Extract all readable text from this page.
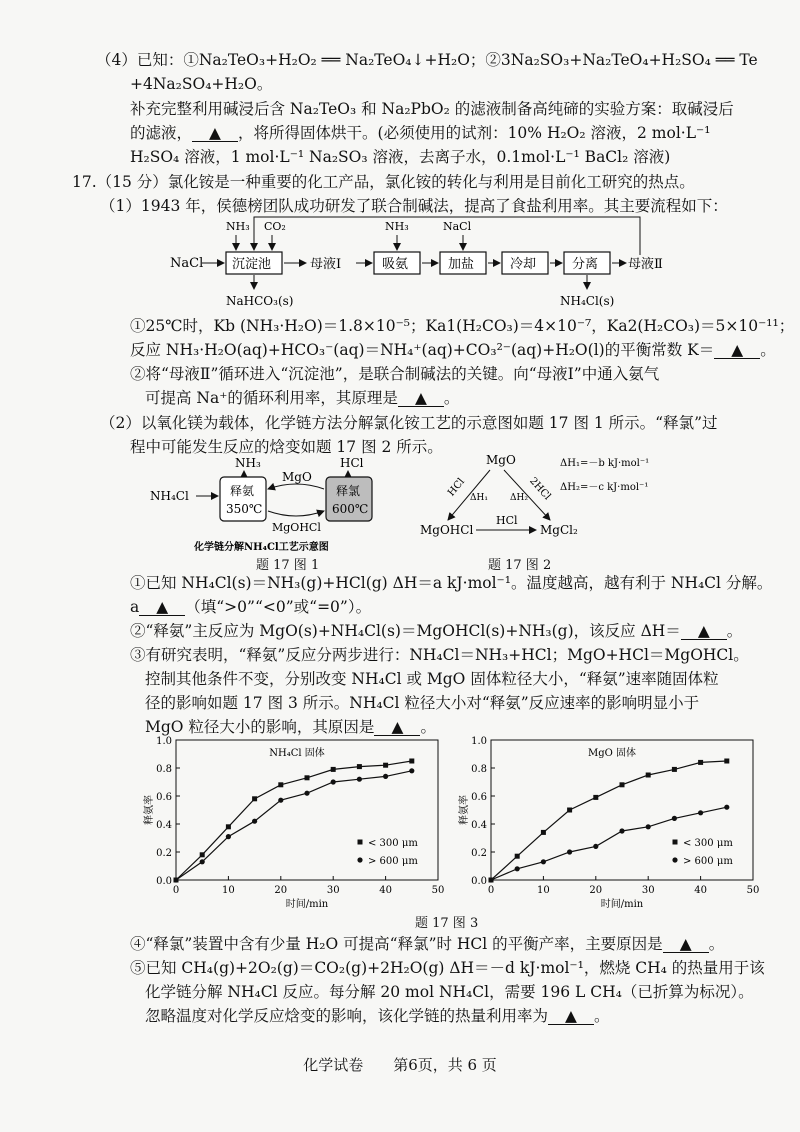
（4）已知：①Na₂TeO₃+H₂O₂ ══ Na₂TeO₄↓+H₂O；②3Na₂SO₃+Na₂TeO₄+H₂SO₄ ══ Te
+4Na₂SO₄+H₂O。
补充完整利用碱浸后含 Na₂TeO₃ 和 Na₂PbO₂ 的滤液制备高纯碲的实验方案：取碱浸后
的滤液， ▲ ，将所得固体烘干。(必须使用的试剂：10% H₂O₂ 溶液，2 mol·L⁻¹
H₂SO₄ 溶液，1 mol·L⁻¹ Na₂SO₃ 溶液，去离子水，0.1mol·L⁻¹ BaCl₂ 溶液)
17.（15 分）氯化铵是一种重要的化工产品，氯化铵的转化与利用是目前化工研究的热点。
（1）1943 年，侯德榜团队成功研发了联合制碱法，提高了食盐利用率。其主要流程如下：
NaCl 沉淀池
NH₃ CO₂
NaHCO₃(s)
母液Ⅰ	吸氨
NH₃
加盐
NaCl
冷却	分离
NH₄Cl(s)
母液Ⅱ
①25℃时，Kb (NH₃·H₂O)＝1.8×10⁻⁵；Ka1(H₂CO₃)＝4×10⁻⁷，Ka2(H₂CO₃)＝5×10⁻¹¹；
反应 NH₃·H₂O(aq)+HCO₃⁻(aq)＝NH₄⁺(aq)+CO₃²⁻(aq)+H₂O(l)的平衡常数 K＝ ▲ 。
②将“母液Ⅱ”循环进入“沉淀池”，是联合制碱法的关键。向“母液Ⅰ”中通入氨气
可提高 Na⁺的循环利用率，其原理是 ▲ 。
（2）以氧化镁为载体，化学链方法分解氯化铵工艺的示意图如题 17 图 1 所示。“释氯”过
程中可能发生反应的焓变如题 17 图 2 所示。
NH₃	HCl
NH₄Cl	释氨
350℃
释氯
600℃
MgO
MgOHCl
化学链分解NH₄Cl工艺示意图
题 17 图 1
MgO
MgOHCl	MgCl₂
HCl ΔH₁	2HCl
ΔH₂
HCl
ΔH₁=－b kJ·mol⁻¹
ΔH₂=－c kJ·mol⁻¹
题 17 图 2
①已知 NH₄Cl(s)＝NH₃(g)+HCl(g) ΔH＝a kJ·mol⁻¹。温度越高，越有利于 NH₄Cl 分解。
a ▲ （填“>0”“<0”或“=0”）。
②“释氨”主反应为 MgO(s)+NH₄Cl(s)＝MgOHCl(s)+NH₃(g)，该反应 ΔH＝ ▲ 。
③有研究表明，“释氨”反应分两步进行：NH₄Cl＝NH₃+HCl；MgO+HCl＝MgOHCl。
控制其他条件不变，分别改变 NH₄Cl 或 MgO 固体粒径大小，“释氨”速率随固体粒
径的影响如题 17 图 3 所示。NH₄Cl 粒径大小对“释氨”反应速率的影响明显小于
MgO 粒径大小的影响，其原因是 ▲ 。
0.0
0.2
0.4
0.6
0.8
1.0
0	10	20	30	40	50
时间/min
释氨率
NH₄Cl 固体
< 300 μm
> 600 μm
0.0
0.2
0.4
0.6
0.8
1.0
0	10	20	30	40	50
时间/min
释氨率
MgO 固体
< 300 μm
> 600 μm
题 17 图 3
④“释氯”装置中含有少量 H₂O 可提高“释氯”时 HCl 的平衡产率，主要原因是 ▲ 。
⑤已知 CH₄(g)+2O₂(g)＝CO₂(g)+2H₂O(g) ΔH＝－d kJ·mol⁻¹，燃烧 CH₄ 的热量用于该
化学链分解 NH₄Cl 反应。每分解 20 mol NH₄Cl，需要 196 L CH₄（已折算为标况）。
忽略温度对化学反应焓变的影响，该化学链的热量利用率为 ▲ 。
化学试卷　　第6页，共 6 页
